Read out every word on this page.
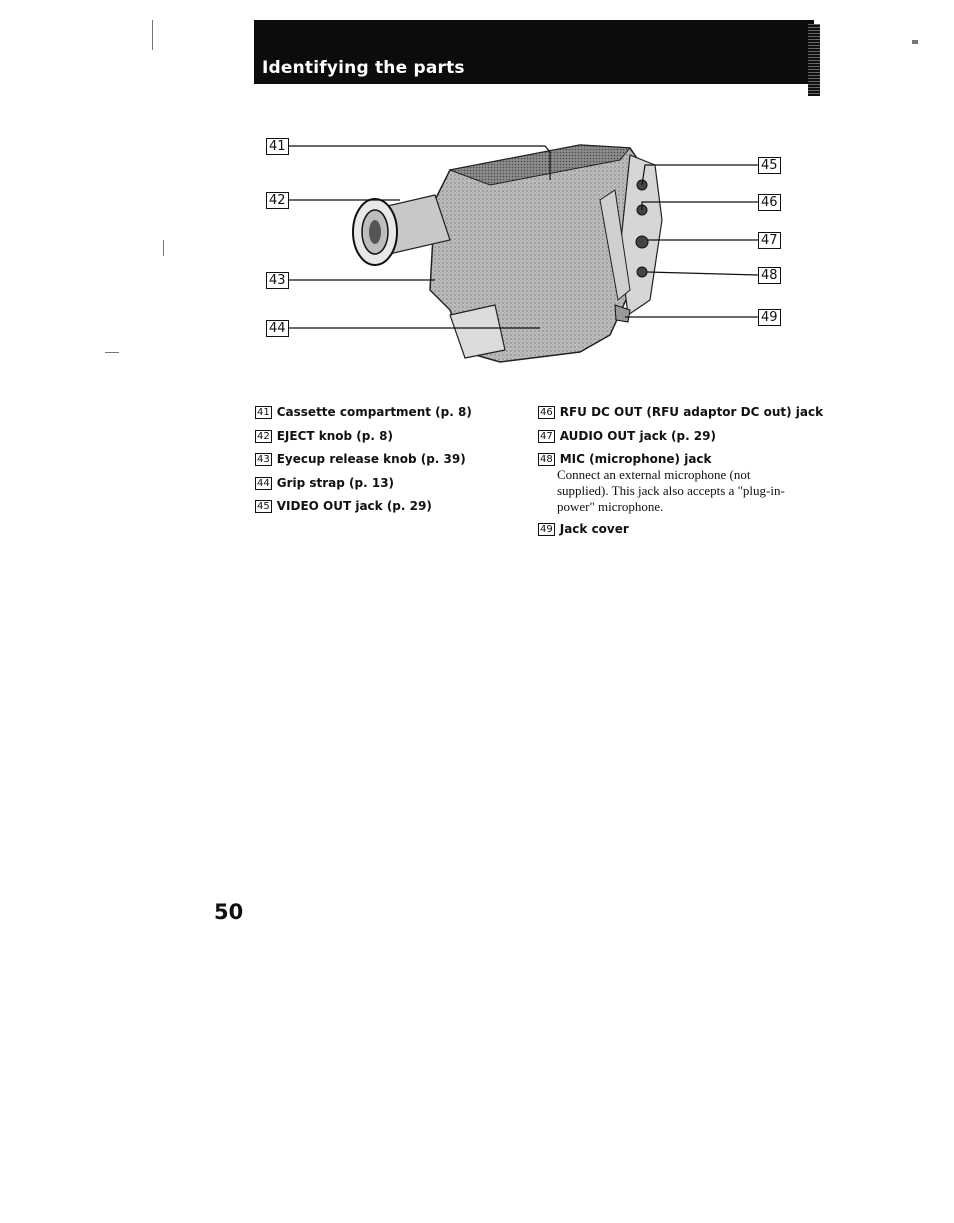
Identifying the parts
41
42
43
44
45
46
47
48
49
41 Cassette compartment (p. 8)
42 EJECT knob (p. 8)
43 Eyecup release knob (p. 39)
44 Grip strap (p. 13)
45 VIDEO OUT jack (p. 29)
46 RFU DC OUT (RFU adaptor DC out) jack
47 AUDIO OUT jack (p. 29)
48 MIC (microphone) jack
Connect an external microphone (not supplied). This jack also accepts a "plug-in-power" microphone.
49 Jack cover
50
